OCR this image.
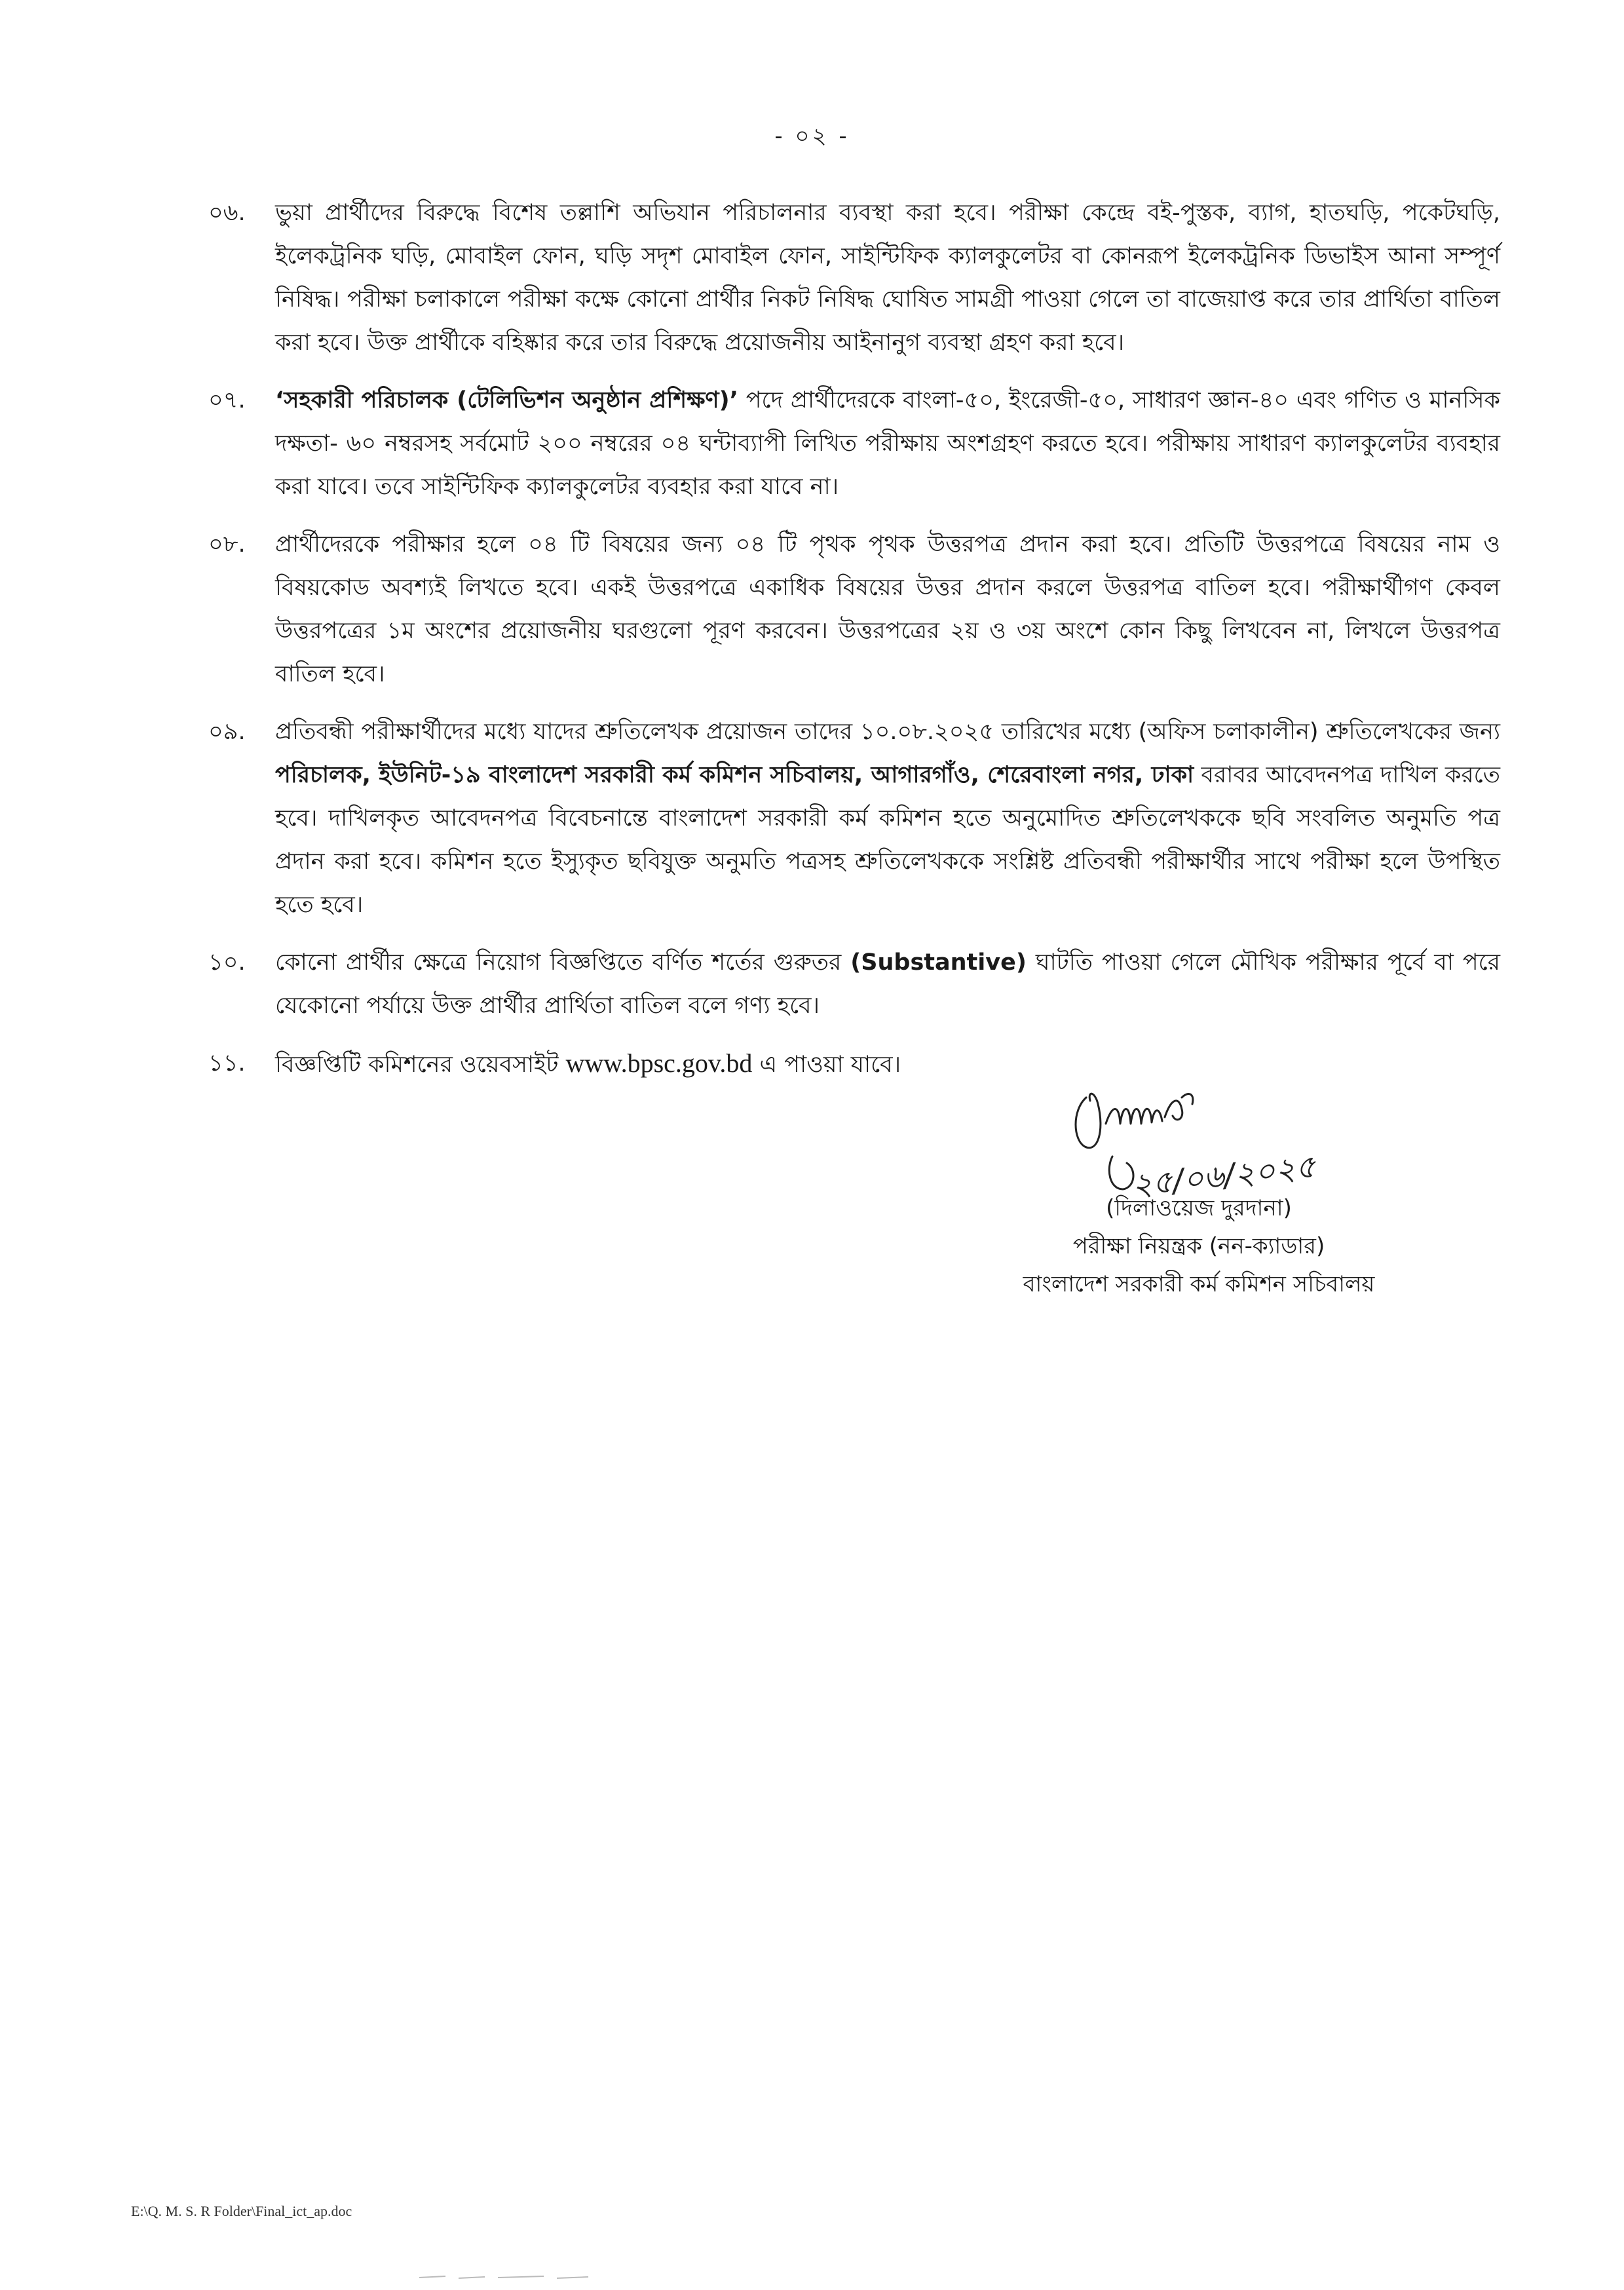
- ০২ -
০৬.	ভুয়া প্রার্থীদের বিরুদ্ধে বিশেষ তল্লাশি অভিযান পরিচালনার ব্যবস্থা করা হবে। পরীক্ষা কেন্দ্রে বই-পুস্তক, ব্যাগ, হাতঘড়ি, পকেটঘড়ি, ইলেকট্রনিক ঘড়ি, মোবাইল ফোন, ঘড়ি সদৃশ মোবাইল ফোন, সাইন্টিফিক ক্যালকুলেটর বা কোনরূপ ইলেকট্রনিক ডিভাইস আনা সম্পূর্ণ নিষিদ্ধ। পরীক্ষা চলাকালে পরীক্ষা কক্ষে কোনো প্রার্থীর নিকট নিষিদ্ধ ঘোষিত সামগ্রী পাওয়া গেলে তা বাজেয়াপ্ত করে তার প্রার্থিতা বাতিল করা হবে। উক্ত প্রার্থীকে বহিষ্কার করে তার বিরুদ্ধে প্রয়োজনীয় আইনানুগ ব্যবস্থা গ্রহণ করা হবে।
০৭.	‘সহকারী পরিচালক (টেলিভিশন অনুষ্ঠান প্রশিক্ষণ)’ পদে প্রার্থীদেরকে বাংলা-৫০, ইংরেজী-৫০, সাধারণ জ্ঞান-৪০ এবং গণিত ও মানসিক দক্ষতা- ৬০ নম্বরসহ সর্বমোট ২০০ নম্বরের ০৪ ঘন্টাব্যাপী লিখিত পরীক্ষায় অংশগ্রহণ করতে হবে। পরীক্ষায় সাধারণ ক্যালকুলেটর ব্যবহার করা যাবে। তবে সাইন্টিফিক ক্যালকুলেটর ব্যবহার করা যাবে না।
০৮.	প্রার্থীদেরকে পরীক্ষার হলে ০৪ টি বিষয়ের জন্য ০৪ টি পৃথক পৃথক উত্তরপত্র প্রদান করা হবে। প্রতিটি উত্তরপত্রে বিষয়ের নাম ও বিষয়কোড অবশ্যই লিখতে হবে। একই উত্তরপত্রে একাধিক বিষয়ের উত্তর প্রদান করলে উত্তরপত্র বাতিল হবে। পরীক্ষার্থীগণ কেবল উত্তরপত্রের ১ম অংশের প্রয়োজনীয় ঘরগুলো পূরণ করবেন। উত্তরপত্রের ২য় ও ৩য় অংশে কোন কিছু লিখবেন না, লিখলে উত্তরপত্র বাতিল হবে।
০৯.	প্রতিবন্ধী পরীক্ষার্থীদের মধ্যে যাদের শ্রুতিলেখক প্রয়োজন তাদের ১০.০৮.২০২৫ তারিখের মধ্যে (অফিস চলাকালীন) শ্রুতিলেখকের জন্য পরিচালক, ইউনিট-১৯ বাংলাদেশ সরকারী কর্ম কমিশন সচিবালয়, আগারগাঁও, শেরেবাংলা নগর, ঢাকা বরাবর আবেদনপত্র দাখিল করতে হবে। দাখিলকৃত আবেদনপত্র বিবেচনান্তে বাংলাদেশ সরকারী কর্ম কমিশন হতে অনুমোদিত শ্রুতিলেখককে ছবি সংবলিত অনুমতি পত্র প্রদান করা হবে। কমিশন হতে ইস্যুকৃত ছবিযুক্ত অনুমতি পত্রসহ শ্রুতিলেখককে সংশ্লিষ্ট প্রতিবন্ধী পরীক্ষার্থীর সাথে পরীক্ষা হলে উপস্থিত হতে হবে।
১০.	কোনো প্রার্থীর ক্ষেত্রে নিয়োগ বিজ্ঞপ্তিতে বর্ণিত শর্তের গুরুতর (Substantive) ঘাটতি পাওয়া গেলে মৌখিক পরীক্ষার পূর্বে বা পরে যেকোনো পর্যায়ে উক্ত প্রার্থীর প্রার্থিতা বাতিল বলে গণ্য হবে।
১১.	বিজ্ঞপ্তিটি কমিশনের ওয়েবসাইট www.bpsc.gov.bd এ পাওয়া যাবে।
২৫/০৬/২০২৫
(দিলাওয়েজ দুরদানা)
পরীক্ষা নিয়ন্ত্রক (নন-ক্যাডার)
বাংলাদেশ সরকারী কর্ম কমিশন সচিবালয়
E:\Q. M. S. R Folder\Final_ict_ap.doc
